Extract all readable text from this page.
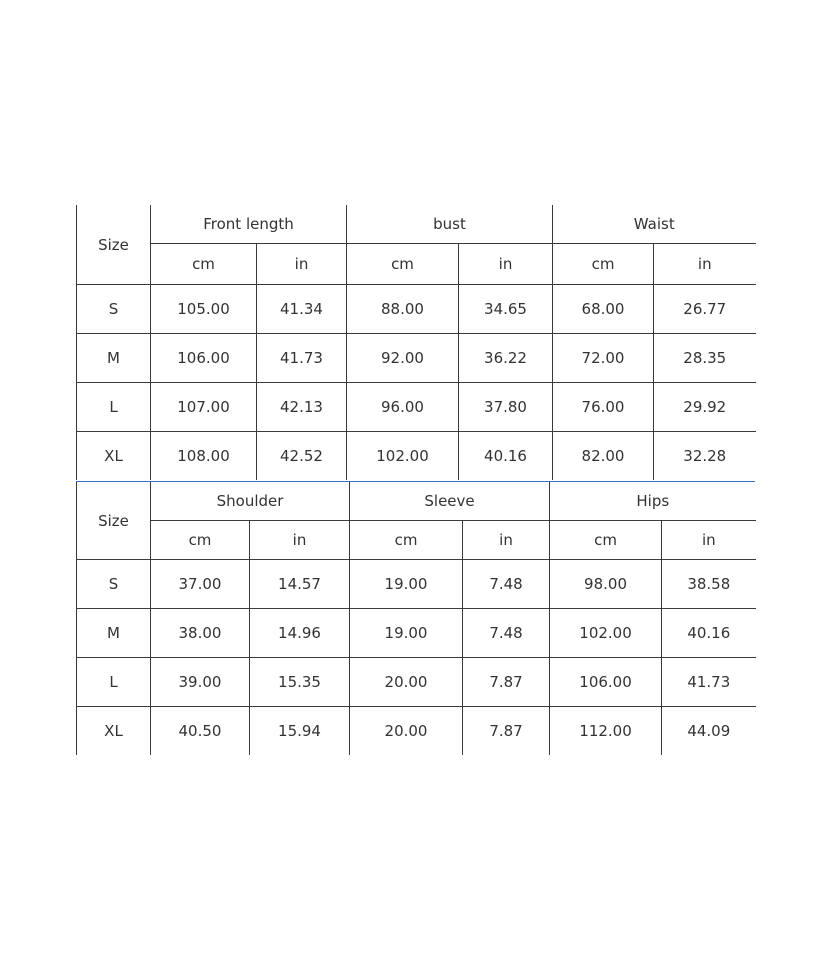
Size	Front length		bust		Waist	
	cm	in	cm	in	cm	in
S	105.00	41.34	88.00	34.65	68.00	26.77
M	106.00	41.73	92.00	36.22	72.00	28.35
L	107.00	42.13	96.00	37.80	76.00	29.92
XL	108.00	42.52	102.00	40.16	82.00	32.28
Size	Shoulder		Sleeve		Hips	
	cm	in	cm	in	cm	in
S	37.00	14.57	19.00	7.48	98.00	38.58
M	38.00	14.96	19.00	7.48	102.00	40.16
L	39.00	15.35	20.00	7.87	106.00	41.73
XL	40.50	15.94	20.00	7.87	112.00	44.09
